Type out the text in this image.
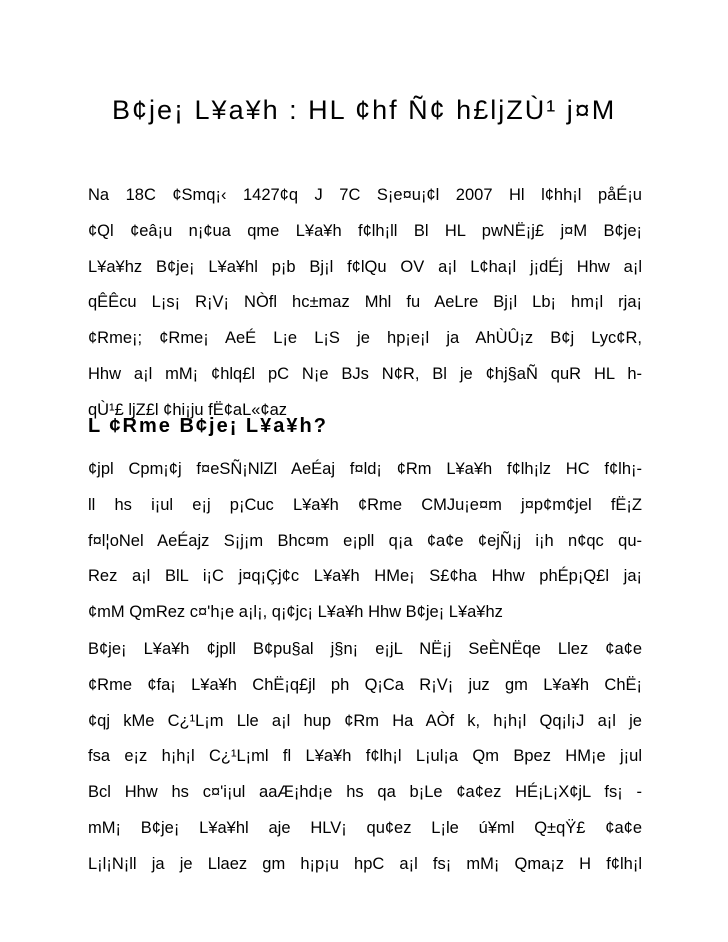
B¢je¡ L¥a¥h : HL ¢hf Ñ¢ h£ljZÙ¹ j¤M
Na 18C ¢Smq¡‹ 1427¢q J 7C S¡e¤u¡¢l 2007 Hl l¢hh¡l påÉ¡u
¢Ql ¢eâ¡u n¡¢ua qme L¥a¥h f¢lh¡ll Bl HL pwNË¡j£ j¤M B¢je¡
L¥a¥hz B¢je¡ L¥a¥hl p¡b Bj¡l f¢lQu OV a¡l L¢ha¡l j¡dÉj Hhw a¡l
qÊÊcu L¡s¡ R¡V¡ NÒfl hc±maz Mhl fu AeLre Bj¡l Lb¡ hm¡l rja¡
¢Rme¡; ¢Rme¡ AeÉ L¡e L¡S je hp¡e¡l ja AhÙÛ¡z B¢j Lyc¢R,
Hhw a¡l mM¡ ¢hlq£l pC N¡e BJs N¢R, Bl je ¢hj§aÑ quR HL h-
qÙ¹£ ljZ£l ¢hi¡ju fË¢aL«¢az
L ¢Rme B¢je¡ L¥a¥h?
¢jpl Cpm¡¢j f¤eSÑ¡NlZl AeÉaj f¤ld¡ ¢Rm L¥a¥h f¢lh¡lz HC f¢lh¡-
ll hs i¡ul e¡j p¡Cuc L¥a¥h ¢Rme CMJu¡e¤m j¤p¢m¢jel fË¡Z
f¤l¦oNel AeÉajz S¡j¡m Bhc¤m e¡pll q¡a ¢a¢e ¢ejÑ¡j i¡h n¢qc qu-
Rez a¡l BlL i¡C j¤q¡Çj¢c L¥a¥h HMe¡ S£¢ha Hhw phÉp¡Q£l ja¡
¢mM QmRez c¤'h¡e a¡l¡, q¡¢jc¡ L¥a¥h Hhw B¢je¡ L¥a¥hz
B¢je¡ L¥a¥h ¢jpll B¢pu§al j§n¡ e¡jL NË¡j SeÈNËqe Llez ¢a¢e
¢Rme ¢fa¡ L¥a¥h ChË¡q£jl ph Q¡Ca R¡V¡ juz gm L¥a¥h ChË¡
¢qj kMe C¿¹L¡m Lle a¡l hup ¢Rm Ha AÒf k, h¡h¡l Qq¡l¡J a¡l je
fsa e¡z h¡h¡l C¿¹L¡ml fl L¥a¥h f¢lh¡l L¡ul¡a Qm Bpez HM¡e j¡ul
Bcl Hhw hs c¤'i¡ul aaÆ¡hd¡e hs qa b¡Le ¢a¢ez HÉ¡L¡X¢jL fs¡ -
mM¡ B¢je¡ L¥a¥hl aje HLV¡ qu¢ez L¡le ú¥ml Q±qŸ£ ¢a¢e
L¡l¡N¡ll ja je Llaez gm h¡p¡u hpC a¡l fs¡ mM¡ Qma¡z H f¢lh¡l
